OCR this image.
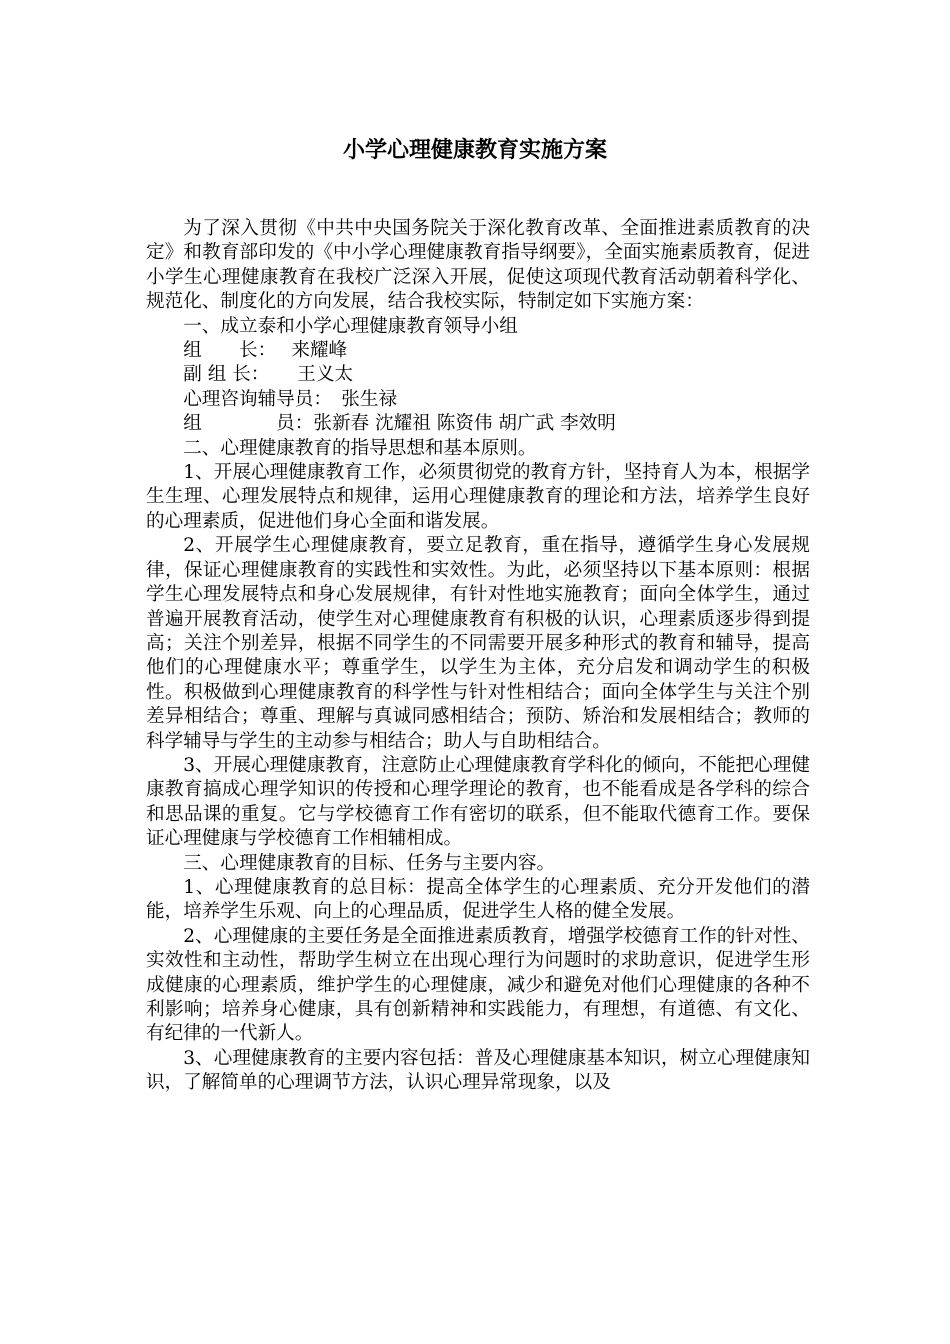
小学心理健康教育实施方案

为了深入贯彻《中共中央国务院关于深化教育改革、全面推进素质教育的决定》和教育部印发的《中小学心理健康教育指导纲要》，全面实施素质教育，促进小学生心理健康教育在我校广泛深入开展，促使这项现代教育活动朝着科学化、规范化、制度化的方向发展，结合我校实际，特制定如下实施方案：

一、成立泰和小学心理健康教育领导小组

组　　长：　 来耀峰

副 组 长：　　王义太

心理咨询辅导员：　张生禄

组　　　　员：张新春 沈耀祖 陈资伟 胡广武 李效明

二、心理健康教育的指导思想和基本原则。

1、开展心理健康教育工作，必须贯彻党的教育方针，坚持育人为本，根据学生生理、心理发展特点和规律，运用心理健康教育的理论和方法，培养学生良好的心理素质，促进他们身心全面和谐发展。

2、开展学生心理健康教育，要立足教育，重在指导，遵循学生身心发展规律，保证心理健康教育的实践性和实效性。为此，必须坚持以下基本原则：根据学生心理发展特点和身心发展规律，有针对性地实施教育；面向全体学生，通过普遍开展教育活动，使学生对心理健康教育有积极的认识，心理素质逐步得到提高；关注个别差异，根据不同学生的不同需要开展多种形式的教育和辅导，提高他们的心理健康水平；尊重学生，以学生为主体，充分启发和调动学生的积极性。积极做到心理健康教育的科学性与针对性相结合；面向全体学生与关注个别差异相结合；尊重、理解与真诚同感相结合；预防、矫治和发展相结合；教师的科学辅导与学生的主动参与相结合；助人与自助相结合。

3、开展心理健康教育，注意防止心理健康教育学科化的倾向，不能把心理健康教育搞成心理学知识的传授和心理学理论的教育，也不能看成是各学科的综合和思品课的重复。它与学校德育工作有密切的联系，但不能取代德育工作。要保证心理健康与学校德育工作相辅相成。

三、心理健康教育的目标、任务与主要内容。

1、心理健康教育的总目标：提高全体学生的心理素质、充分开发他们的潜能，培养学生乐观、向上的心理品质，促进学生人格的健全发展。

2、心理健康的主要任务是全面推进素质教育，增强学校德育工作的针对性、实效性和主动性，帮助学生树立在出现心理行为问题时的求助意识，促进学生形成健康的心理素质，维护学生的心理健康，减少和避免对他们心理健康的各种不利影响；培养身心健康，具有创新精神和实践能力，有理想，有道德、有文化、有纪律的一代新人。

3、心理健康教育的主要内容包括：普及心理健康基本知识，树立心理健康知识，了解简单的心理调节方法，认识心理异常现象，以及
